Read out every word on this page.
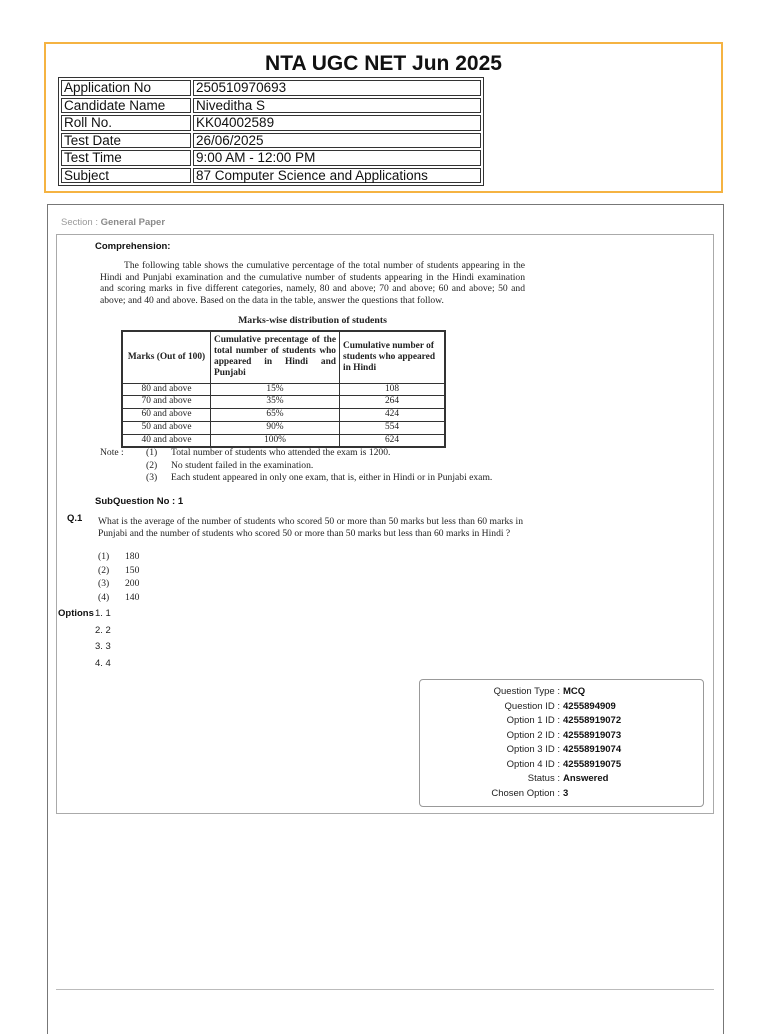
NTA UGC NET Jun 2025
Application No	250510970693
Candidate Name	Niveditha S
Roll No.	KK04002589
Test Date	26/06/2025
Test Time	9:00 AM - 12:00 PM
Subject	87 Computer Science and Applications
Section : General Paper
Comprehension:
The following table shows the cumulative percentage of the total number of students appearing in the Hindi and Punjabi examination and the cumulative number of students appearing in the Hindi examination and scoring marks in five different categories, namely, 80 and above; 70 and above; 60 and above; 50 and above; and 40 and above. Based on the data in the table, answer the questions that follow.
Marks-wise distribution of students
Marks (Out of 100)	Cumulative precentage of the total number of students who appeared in Hindi and Punjabi	Cumulative number of students who appeared in Hindi
80 and above	15%	108
70 and above	35%	264
60 and above	65%	424
50 and above	90%	554
40 and above	100%	624
Note : (1) Total number of students who attended the exam is 1200.
(2) No student failed in the examination.
(3) Each student appeared in only one exam, that is, either in Hindi or in Punjabi exam.
SubQuestion No : 1
Q.1 What is the average of the number of students who scored 50 or more than 50 marks but less than 60 marks in Punjabi and the number of students who scored 50 or more than 50 marks but less than 60 marks in Hindi ?
(1) 180
(2) 150
(3) 200
(4) 140
Options 1. 1
2. 2
3. 3
4. 4
Question Type : MCQ
Question ID : 4255894909
Option 1 ID : 42558919072
Option 2 ID : 42558919073
Option 3 ID : 42558919074
Option 4 ID : 42558919075
Status : Answered
Chosen Option : 3
